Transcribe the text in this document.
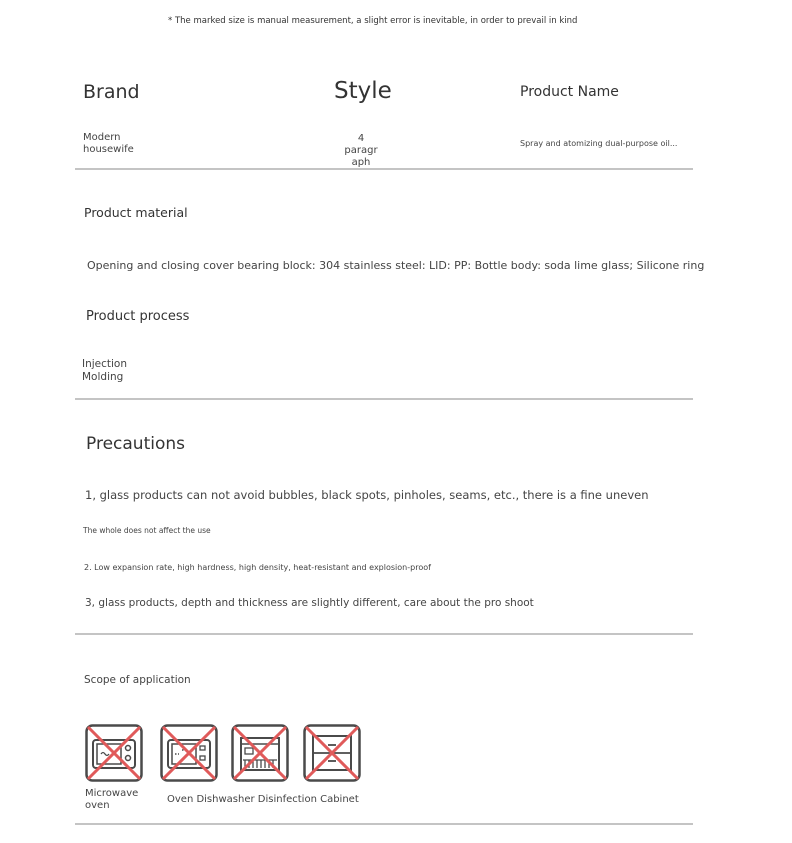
* The marked size is manual measurement, a slight error is inevitable, in order to prevail in kind
Brand	Style	Product Name
Modern
housewife
4 paragr
aph
Spray and atomizing dual-purpose oil...
Product material
Opening and closing cover bearing block: 304 stainless steel: LID: PP: Bottle body: soda lime glass; Silicone ring
Product process
Injection
Molding
Precautions
1, glass products can not avoid bubbles, black spots, pinholes, seams, etc., there is a fine uneven
The whole does not affect the use
2. Low expansion rate, high hardness, high density, heat-resistant and explosion-proof
3, glass products, depth and thickness are slightly different, care about the pro shoot
Scope of application
Microwave
oven
Oven Dishwasher Disinfection Cabinet
